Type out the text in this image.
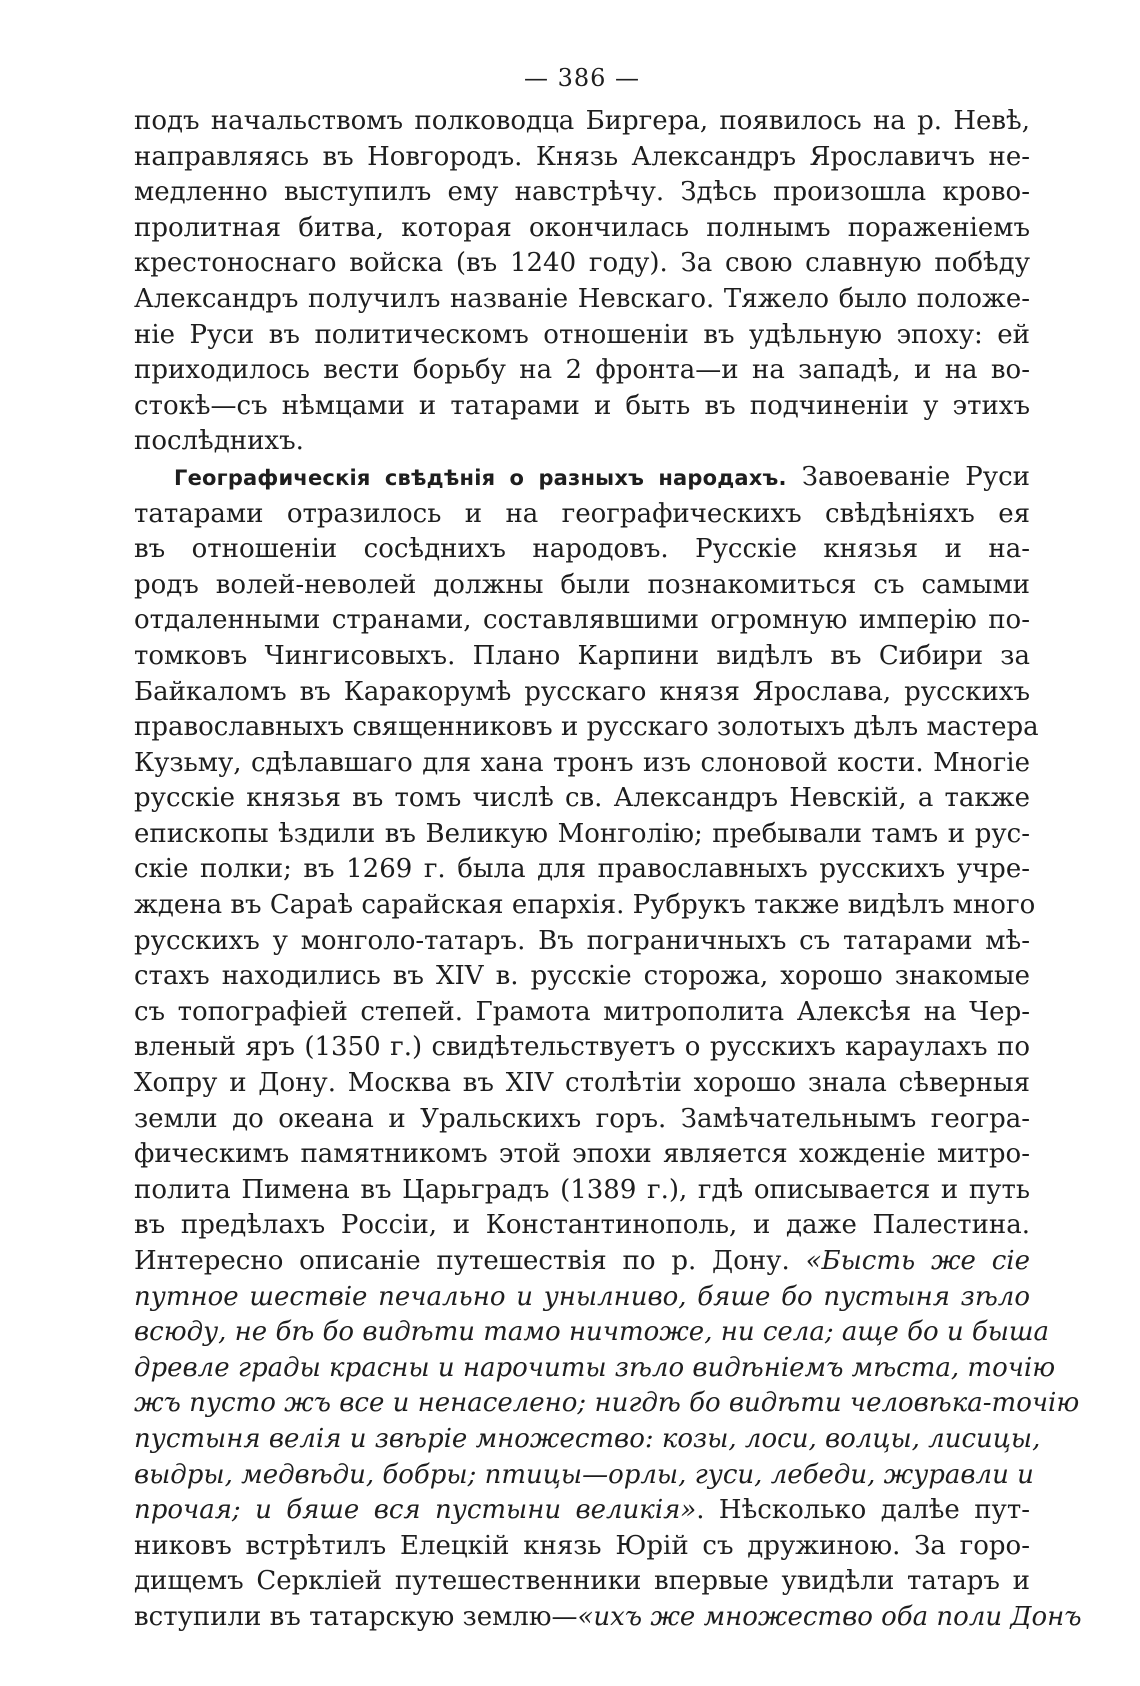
— 386 —
подъ начальствомъ полководца Биргера, появилось на р. Невѣ,
направляясь въ Новгородъ. Князь Александръ Ярославичъ не-
медленно выступилъ ему навстрѣчу. Здѣсь произошла крово-
пролитная битва, которая окончилась полнымъ пораженіемъ
крестоноснаго войска (въ 1240 году). За свою славную побѣду
Александръ получилъ названіе Невскаго. Тяжело было положе-
ніе Руси въ политическомъ отношеніи въ удѣльную эпоху: ей
приходилось вести борьбу на 2 фронта—и на западѣ, и на во-
стокѣ—съ нѣмцами и татарами и быть въ подчиненіи у этихъ
послѣднихъ.
Географическія свѣдѣнія о разныхъ народахъ. Завоеваніе Руси
татарами отразилось и на географическихъ свѣдѣніяхъ ея
въ отношеніи сосѣднихъ народовъ. Русскіе князья и на-
родъ волей-неволей должны были познакомиться съ самыми
отдаленными странами, составлявшими огромную имперію по-
томковъ Чингисовыхъ. Плано Карпини видѣлъ въ Сибири за
Байкаломъ въ Каракорумѣ русскаго князя Ярослава, русскихъ
православныхъ священниковъ и русскаго золотыхъ дѣлъ мастера
Кузьму, сдѣлавшаго для хана тронъ изъ слоновой кости. Многіе
русскіе князья въ томъ числѣ св. Александръ Невскій, а также
епископы ѣздили въ Великую Монголію; пребывали тамъ и рус-
скіе полки; въ 1269 г. была для православныхъ русскихъ учре-
ждена въ Сараѣ сарайская епархія. Рубрукъ также видѣлъ много
русскихъ у монголо-татаръ. Въ пограничныхъ съ татарами мѣ-
стахъ находились въ XIV в. русскіе сторожа, хорошо знакомые
съ топографіей степей. Грамота митрополита Алексѣя на Чер-
вленый яръ (1350 г.) свидѣтельствуетъ о русскихъ караулахъ по
Хопру и Дону. Москва въ XIV столѣтіи хорошо знала сѣверныя
земли до океана и Уральскихъ горъ. Замѣчательнымъ геогра-
фическимъ памятникомъ этой эпохи является хожденіе митро-
полита Пимена въ Царьградъ (1389 г.), гдѣ описывается и путь
въ предѣлахъ Россіи, и Константинополь, и даже Палестина.
Интересно описаніе путешествія по р. Дону. «Бысть же сіе
путное шествіе печально и унылниво, бяше бо пустыня зѣло
всюду, не бѣ бо видѣти тамо ничтоже, ни села; аще бо и быша
древле грады красны и нарочиты зѣло видѣніемъ мѣста, точію
жъ пусто жъ все и ненаселено; нигдѣ бо видѣти человѣка-точію
пустыня велія и звѣріе множество: козы, лоси, волцы, лисицы,
выдры, медвѣди, бобры; птицы—орлы, гуси, лебеди, журавли и
прочая; и бяше вся пустыни великія». Нѣсколько далѣе пут-
никовъ встрѣтилъ Елецкій князь Юрій съ дружиною. За горо-
дищемъ Серкліей путешественники впервые увидѣли татаръ и
вступили въ татарскую землю—«ихъ же множество оба поли Донъ
